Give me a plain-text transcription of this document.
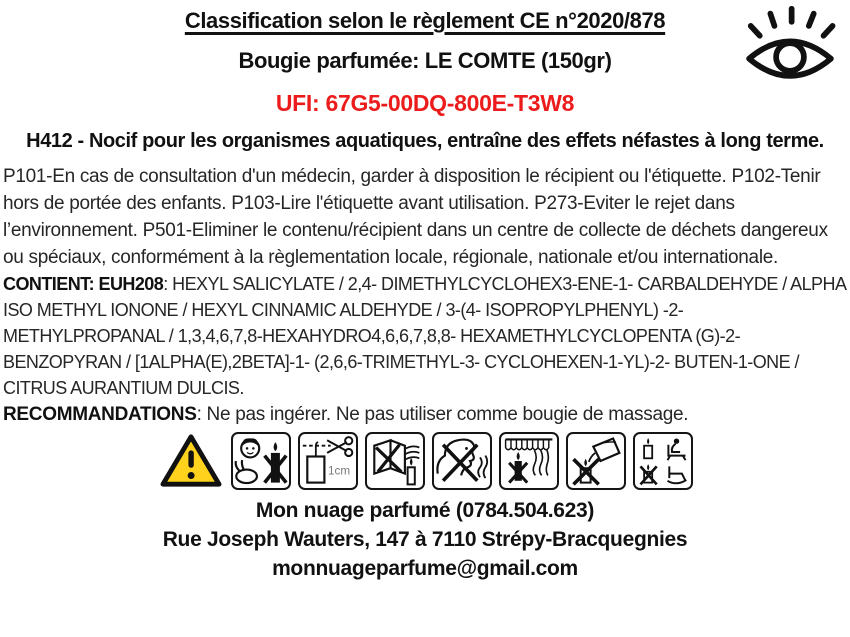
Classification selon le règlement CE n°2020/878
Bougie parfumée: LE COMTE (150gr)
UFI: 67G5-00DQ-800E-T3W8
H412 - Nocif pour les organismes aquatiques, entraîne des effets néfastes à long terme.

P101-En cas de consultation d'un médecin, garder à disposition le récipient ou l'étiquette. P102-Tenir hors de portée des enfants. P103-Lire l'étiquette avant utilisation. P273-Eviter le rejet dans l’environnement. P501-Eliminer le contenu/récipient dans un centre de collecte de déchets dangereux ou spéciaux, conformément à la règlementation locale, régionale, nationale et/ou internationale.

CONTIENT: EUH208: HEXYL SALICYLATE / 2,4- DIMETHYLCYCLOHEX3-ENE-1- CARBALDEHYDE / ALPHA ISO METHYL IONONE / HEXYL CINNAMIC ALDEHYDE / 3-(4- ISOPROPYLPHENYL) -2- METHYLPROPANAL / 1,3,4,6,7,8-HEXAHYDRO4,6,6,7,8,8- HEXAMETHYLCYCLOPENTA (G)-2- BENZOPYRAN / [1ALPHA(E),2BETA]-1- (2,6,6-TRIMETHYL-3- CYCLOHEXEN-1-YL)-2- BUTEN-1-ONE / CITRUS AURANTIUM DULCIS.

RECOMMANDATIONS: Ne pas ingérer. Ne pas utiliser comme bougie de massage.

1cm
Mon nuage parfumé (0784.504.623)
Rue Joseph Wauters, 147 à 7110 Strépy-Bracquegnies
monnuageparfume@gmail.com
